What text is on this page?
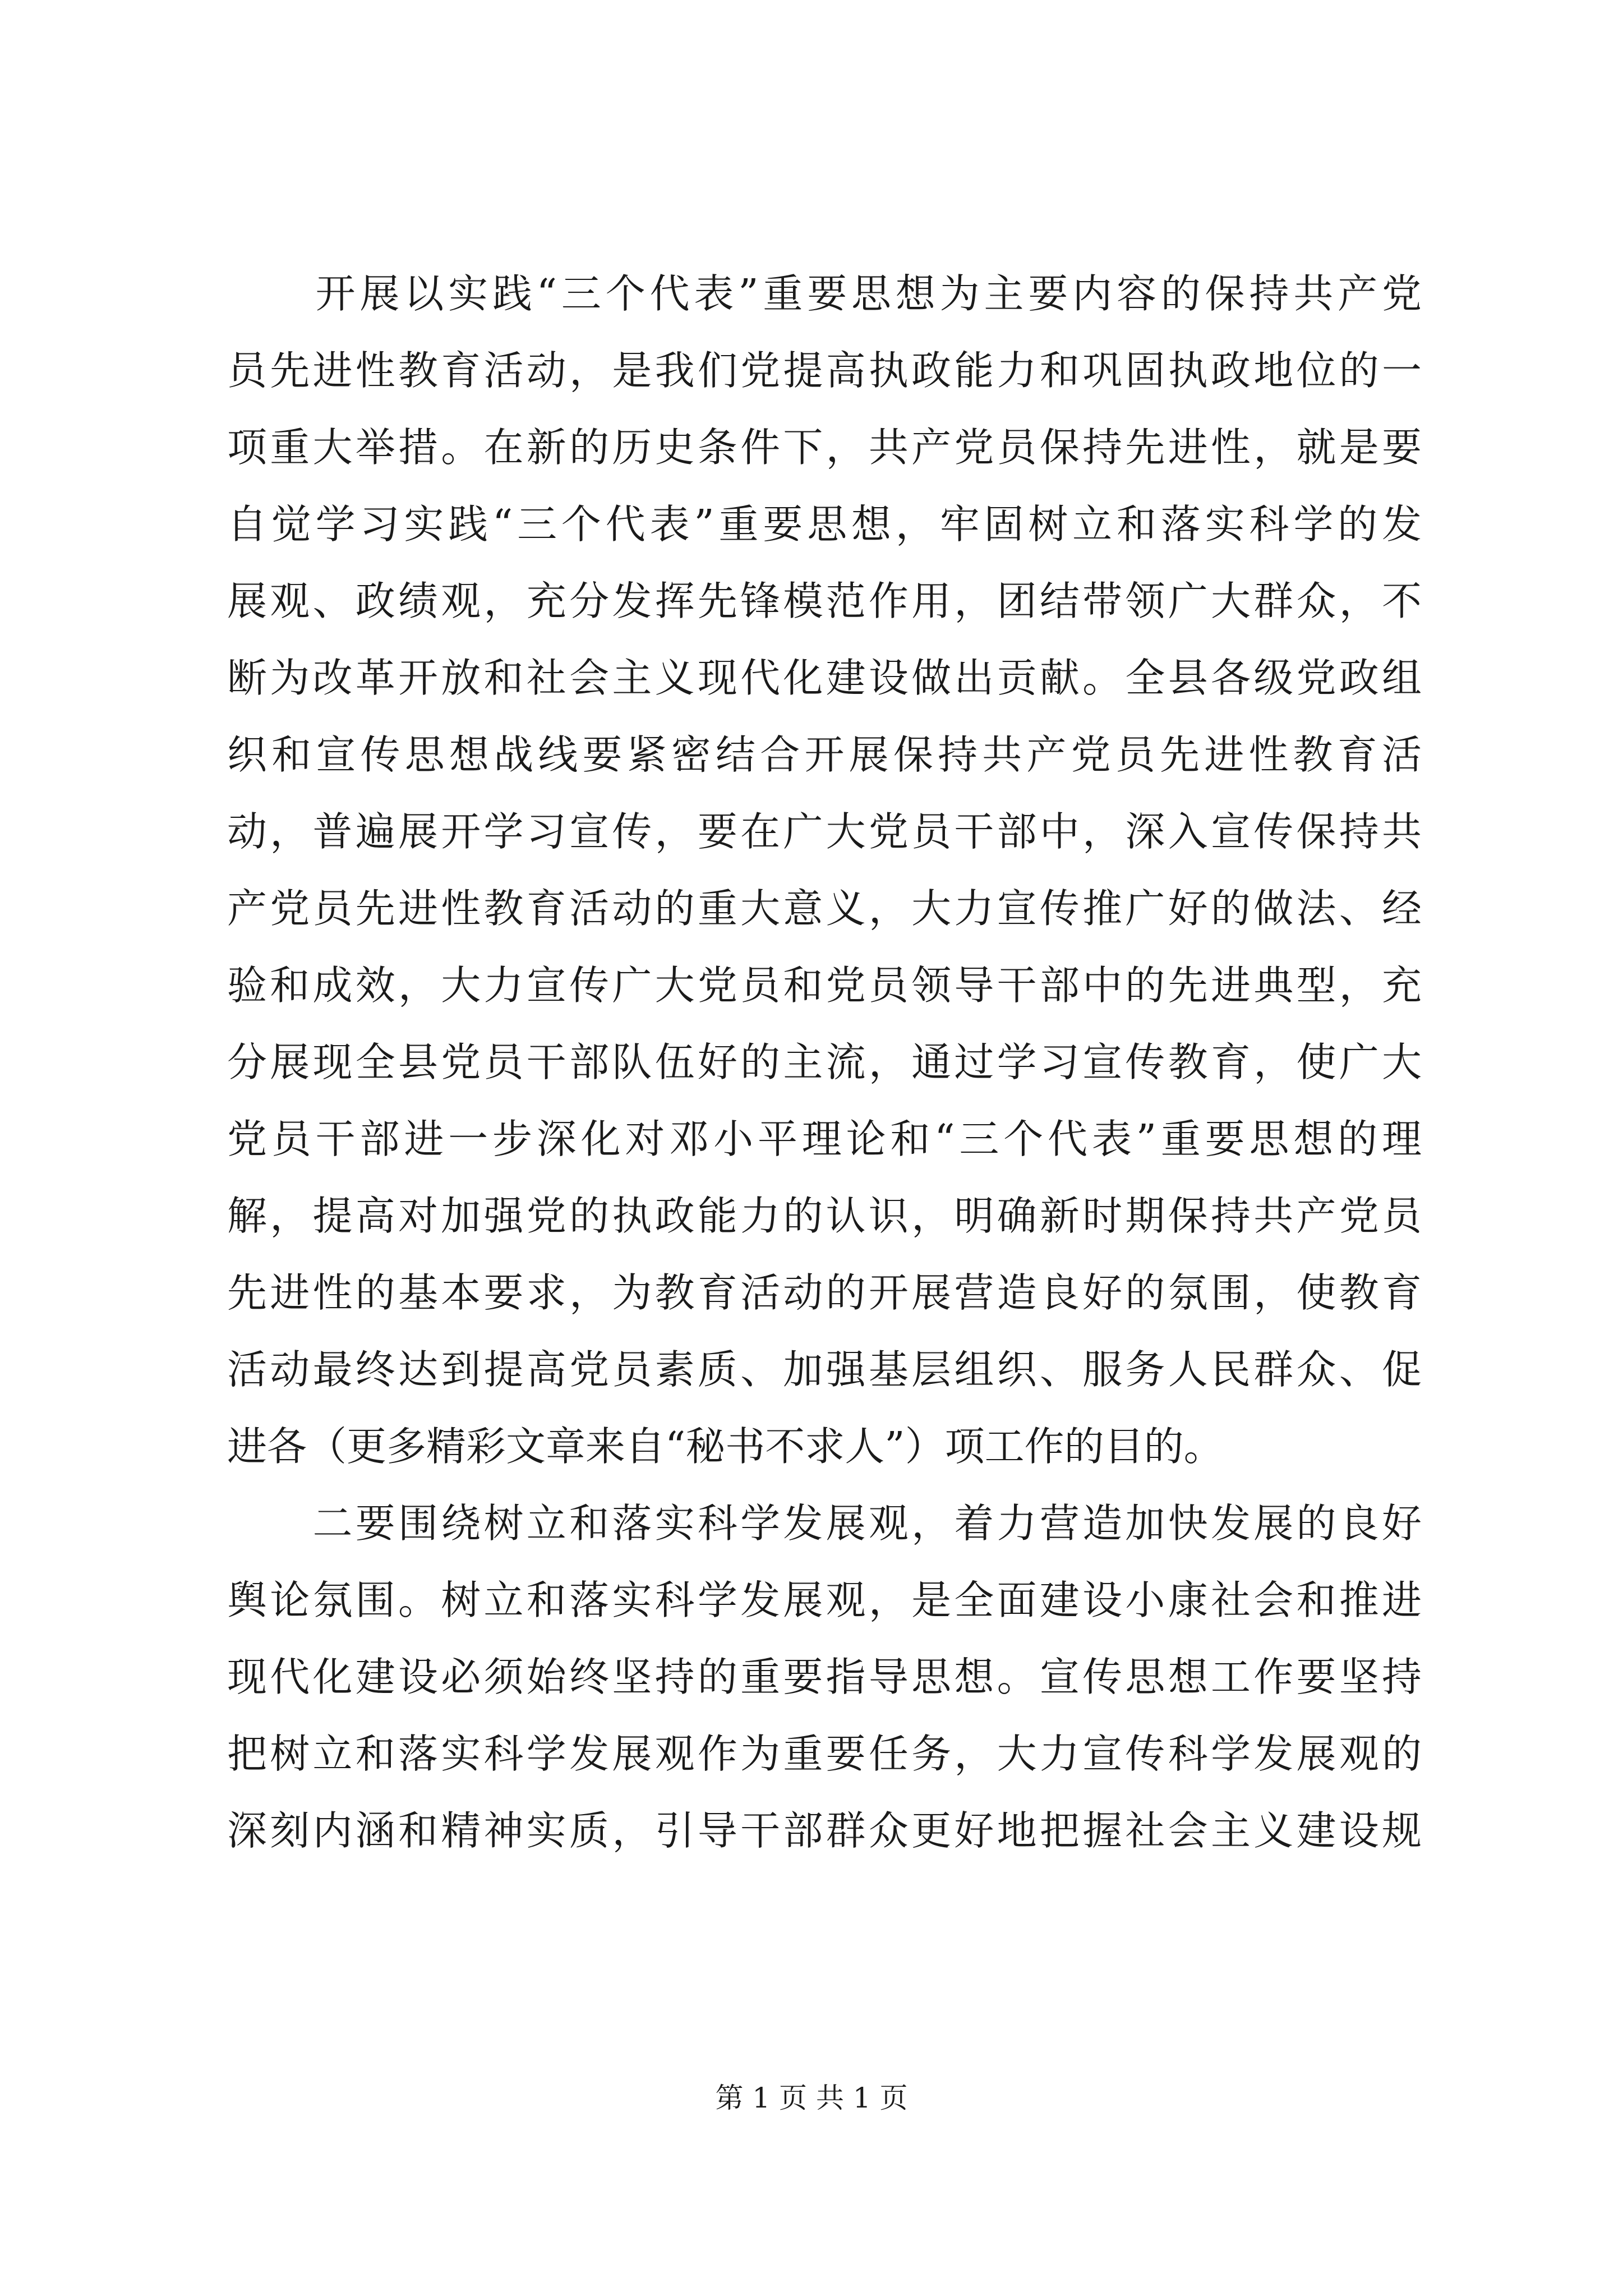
　　开展以实践“三个代表”重要思想为主要内容的保持共产党
员先进性教育活动，是我们党提高执政能力和巩固执政地位的一
项重大举措。在新的历史条件下，共产党员保持先进性，就是要
自觉学习实践“三个代表”重要思想，牢固树立和落实科学的发
展观、政绩观，充分发挥先锋模范作用，团结带领广大群众，不
断为改革开放和社会主义现代化建设做出贡献。全县各级党政组
织和宣传思想战线要紧密结合开展保持共产党员先进性教育活
动，普遍展开学习宣传，要在广大党员干部中，深入宣传保持共
产党员先进性教育活动的重大意义，大力宣传推广好的做法、经
验和成效，大力宣传广大党员和党员领导干部中的先进典型，充
分展现全县党员干部队伍好的主流，通过学习宣传教育，使广大
党员干部进一步深化对邓小平理论和“三个代表”重要思想的理
解，提高对加强党的执政能力的认识，明确新时期保持共产党员
先进性的基本要求，为教育活动的开展营造良好的氛围，使教育
活动最终达到提高党员素质、加强基层组织、服务人民群众、促
进各（更多精彩文章来自“秘书不求人”）项工作的目的。
　　二要围绕树立和落实科学发展观，着力营造加快发展的良好
舆论氛围。树立和落实科学发展观，是全面建设小康社会和推进
现代化建设必须始终坚持的重要指导思想。宣传思想工作要坚持
把树立和落实科学发展观作为重要任务，大力宣传科学发展观的
深刻内涵和精神实质，引导干部群众更好地把握社会主义建设规
第 1 页 共 1 页
